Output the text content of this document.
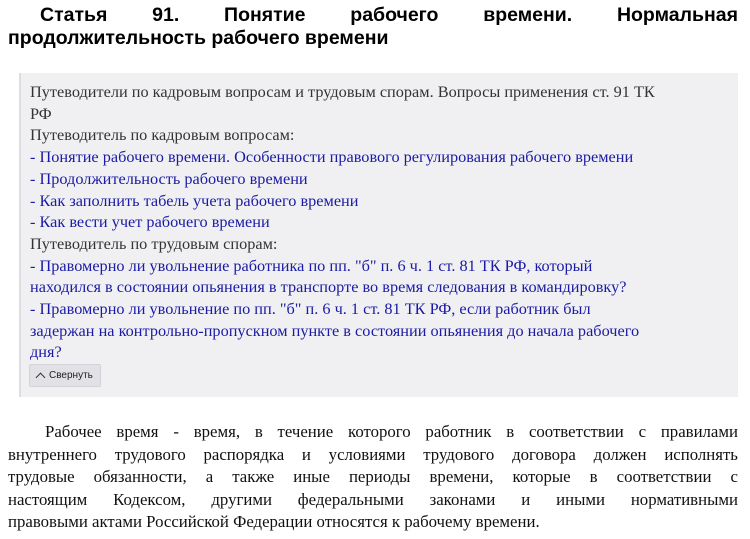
Статья 91. Понятие рабочего времени. Нормальная
продолжительность рабочего времени
Путеводители по кадровым вопросам и трудовым спорам. Вопросы применения ст. 91 ТК
РФ
Путеводитель по кадровым вопросам:
- Понятие рабочего времени. Особенности правового регулирования рабочего времени
- Продолжительность рабочего времени
- Как заполнить табель учета рабочего времени
- Как вести учет рабочего времени
Путеводитель по трудовым спорам:
- Правомерно ли увольнение работника по пп. "б" п. 6 ч. 1 ст. 81 ТК РФ, который
находился в состоянии опьянения в транспорте во время следования в командировку?
- Правомерно ли увольнение по пп. "б" п. 6 ч. 1 ст. 81 ТК РФ, если работник был
задержан на контрольно-пропускном пункте в состоянии опьянения до начала рабочего
дня?
Свернуть
Рабочее время - время, в течение которого работник в соответствии с правилами
внутреннего трудового распорядка и условиями трудового договора должен исполнять
трудовые обязанности, а также иные периоды времени, которые в соответствии с
настоящим Кодексом, другими федеральными законами и иными нормативными
правовыми актами Российской Федерации относятся к рабочему времени.
